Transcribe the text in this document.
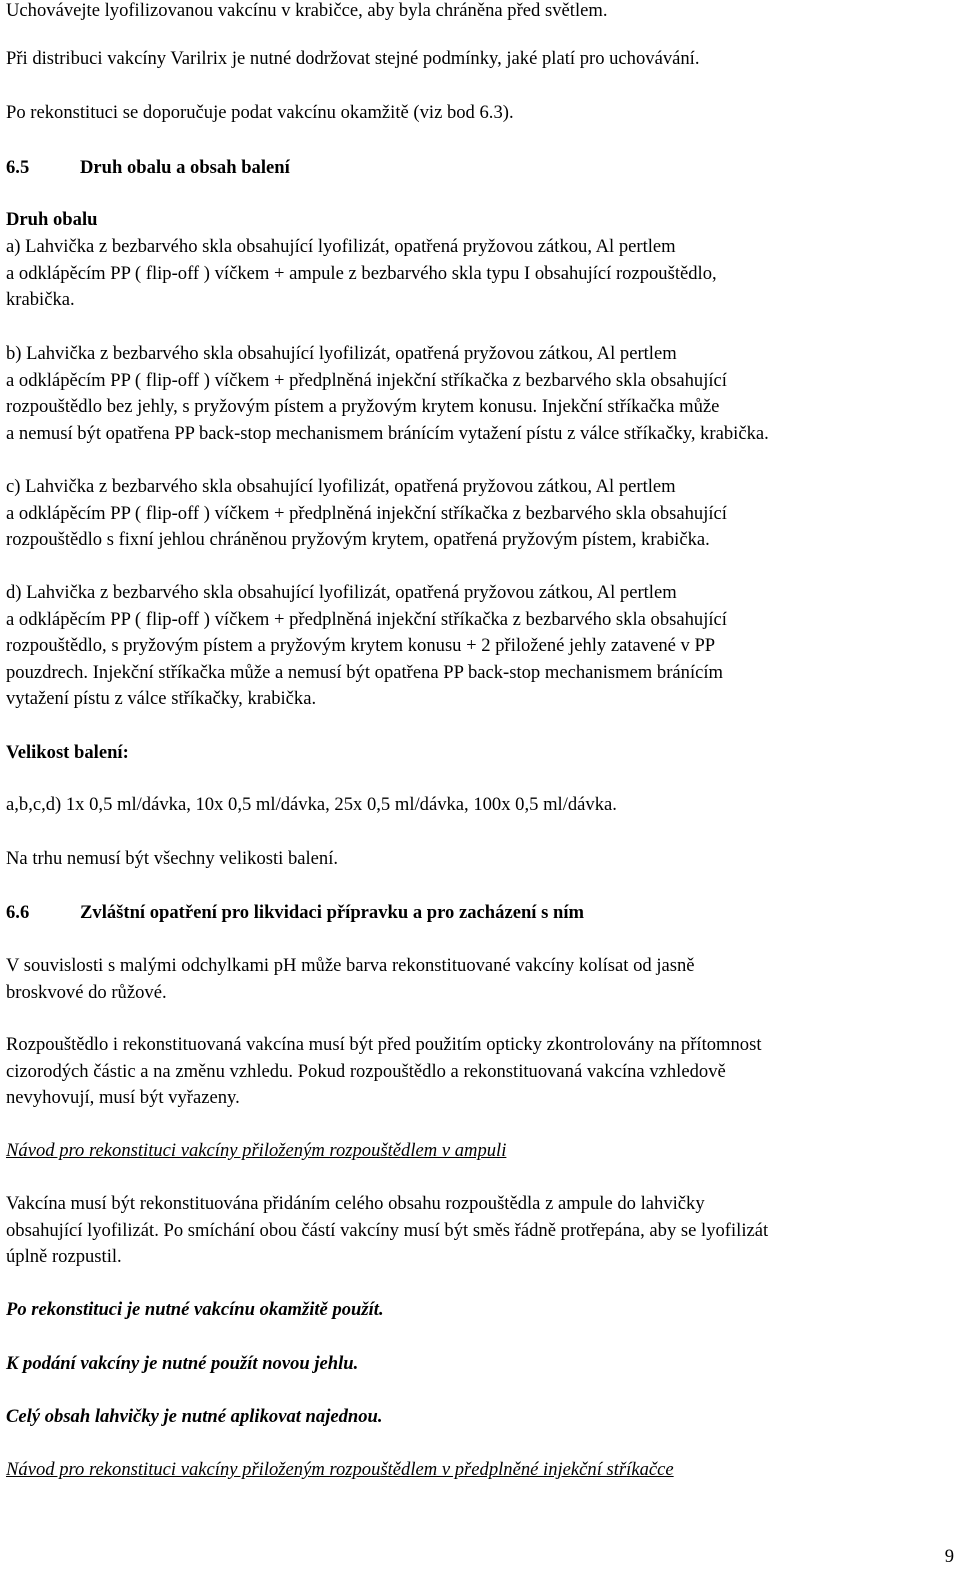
Uchovávejte lyofilizovanou vakcínu v krabičce, aby byla chráněna před světlem.
Při distribuci vakcíny Varilrix je nutné dodržovat stejné podmínky, jaké platí pro uchovávání.
Po rekonstituci se doporučuje podat vakcínu okamžitě (viz bod 6.3).
6.5	Druh obalu a obsah balení
Druh obalu
a) Lahvička z bezbarvého skla obsahující lyofilizát, opatřená pryžovou zátkou, Al pertlem
a odklápěcím PP ( flip-off ) víčkem + ampule z bezbarvého skla typu I obsahující rozpouštědlo,
krabička.
b) Lahvička z bezbarvého skla obsahující lyofilizát, opatřená pryžovou zátkou, Al pertlem
a odklápěcím PP ( flip-off ) víčkem + předplněná injekční stříkačka z bezbarvého skla obsahující
rozpouštědlo bez jehly, s pryžovým pístem a pryžovým krytem konusu. Injekční stříkačka může
a nemusí být opatřena PP back-stop mechanismem bránícím vytažení pístu z válce stříkačky, krabička.
c) Lahvička z bezbarvého skla obsahující lyofilizát, opatřená pryžovou zátkou, Al pertlem
a odklápěcím PP ( flip-off ) víčkem + předplněná injekční stříkačka z bezbarvého skla obsahující
rozpouštědlo s fixní jehlou chráněnou pryžovým krytem, opatřená pryžovým pístem, krabička.
d) Lahvička z bezbarvého skla obsahující lyofilizát, opatřená pryžovou zátkou, Al pertlem
a odklápěcím PP ( flip-off ) víčkem + předplněná injekční stříkačka z bezbarvého skla obsahující
rozpouštědlo, s pryžovým pístem a pryžovým krytem konusu + 2 přiložené jehly zatavené v PP
pouzdrech. Injekční stříkačka může a nemusí být opatřena PP back-stop mechanismem bránícím
vytažení pístu z válce stříkačky, krabička.
Velikost balení:
a,b,c,d) 1x 0,5 ml/dávka, 10x 0,5 ml/dávka, 25x 0,5 ml/dávka, 100x 0,5 ml/dávka.
Na trhu nemusí být všechny velikosti balení.
6.6	Zvláštní opatření pro likvidaci přípravku a pro zacházení s ním
V souvislosti s malými odchylkami pH může barva rekonstituované vakcíny kolísat od jasně
broskvové do růžové.
Rozpouštědlo i rekonstituovaná vakcína musí být před použitím opticky zkontrolovány na přítomnost
cizorodých částic a na změnu vzhledu. Pokud rozpouštědlo a rekonstituovaná vakcína vzhledově
nevyhovují, musí být vyřazeny.
Návod pro rekonstituci vakcíny přiloženým rozpouštědlem v ampuli
Vakcína musí být rekonstituována přidáním celého obsahu rozpouštědla z ampule do lahvičky
obsahující lyofilizát. Po smíchání obou částí vakcíny musí být směs řádně protřepána, aby se lyofilizát
úplně rozpustil.
Po rekonstituci je nutné vakcínu okamžitě použít.
K podání vakcíny je nutné použít novou jehlu.
Celý obsah lahvičky je nutné aplikovat najednou.
Návod pro rekonstituci vakcíny přiloženým rozpouštědlem v předplněné injekční stříkačce
9
